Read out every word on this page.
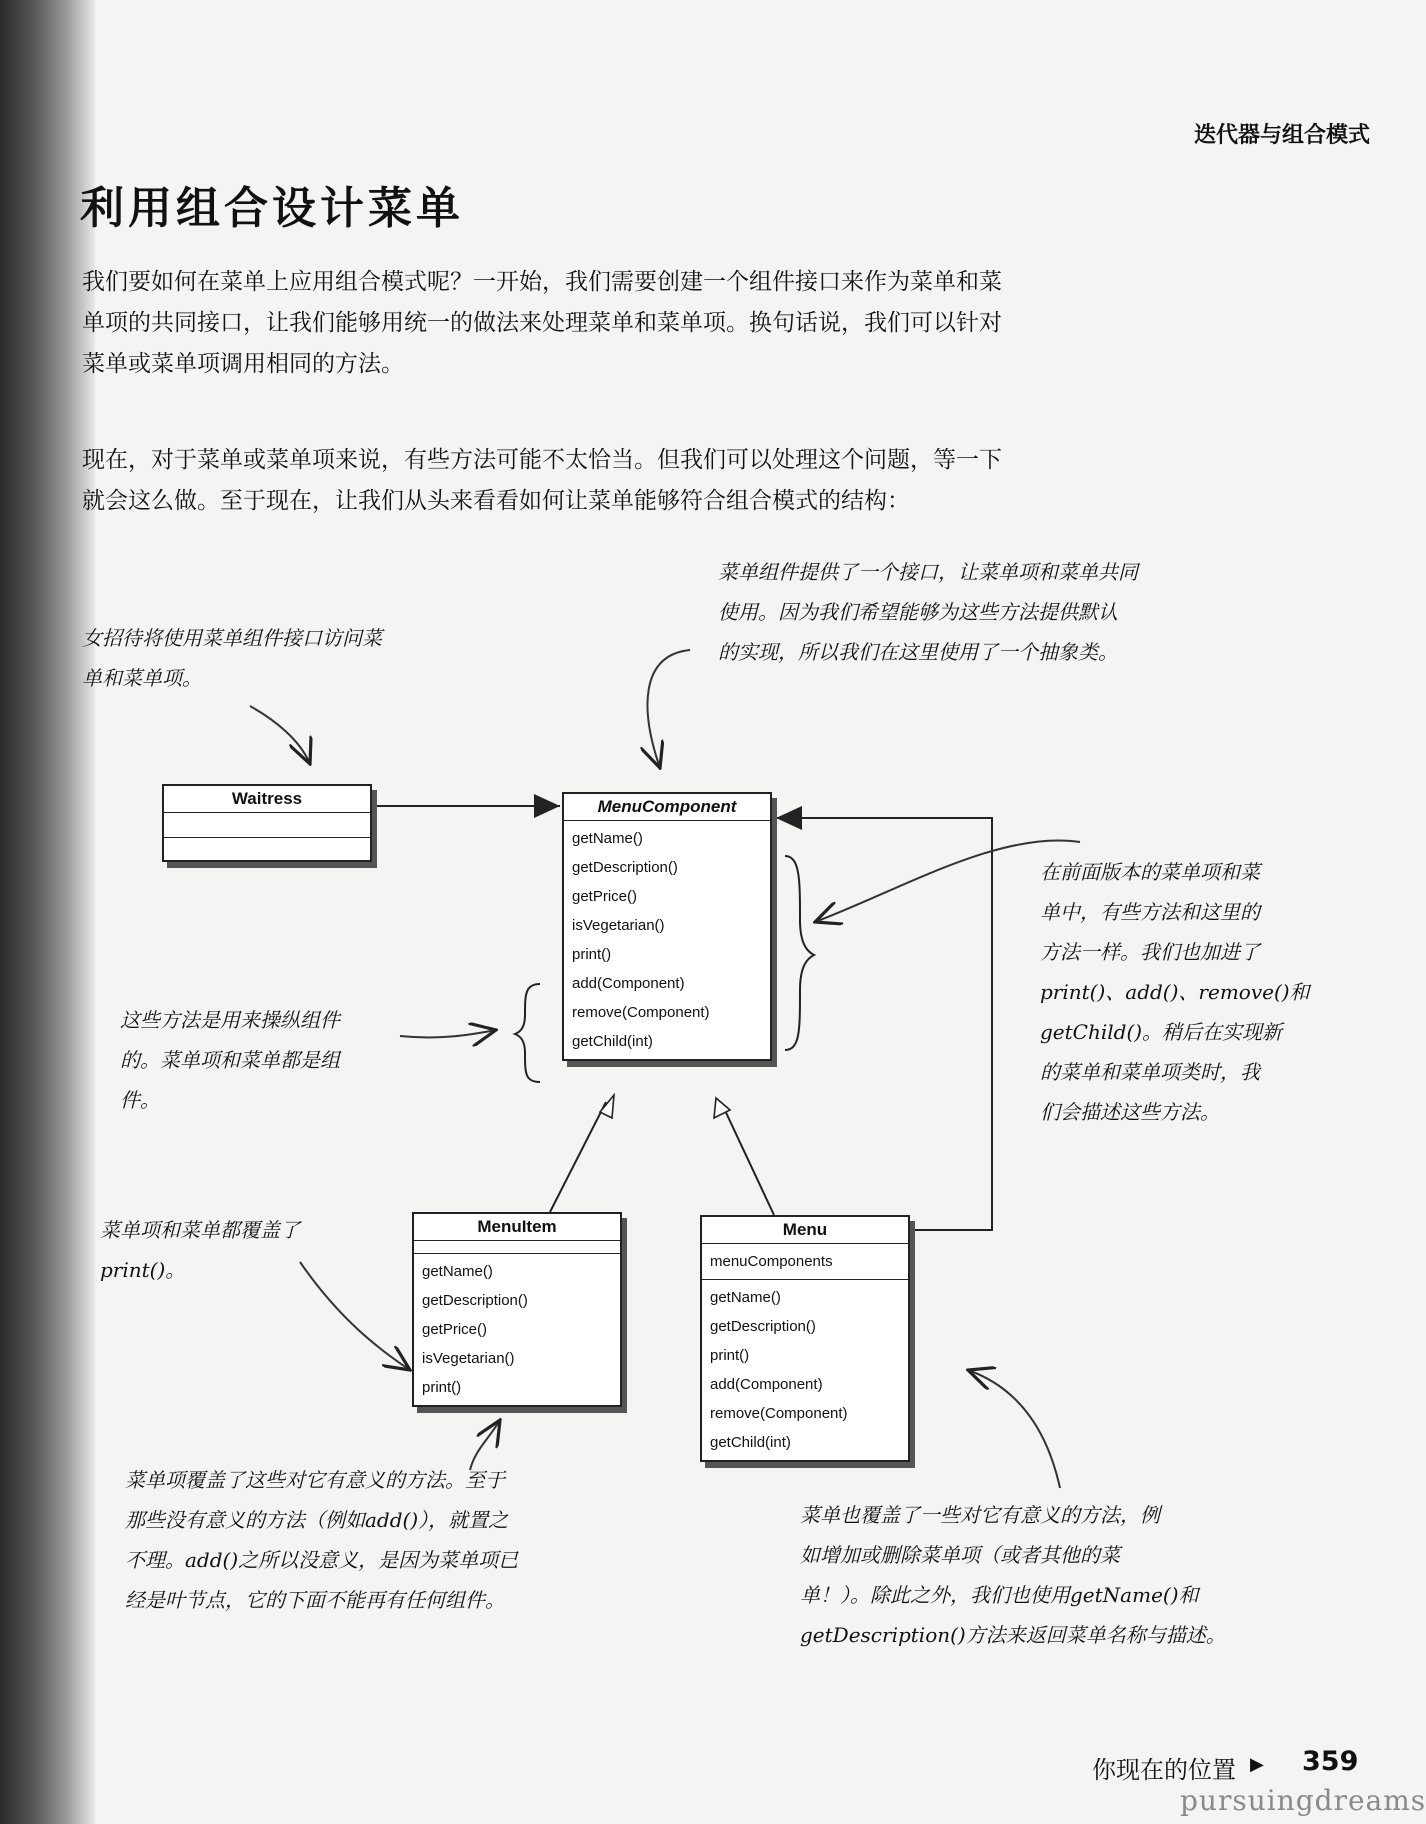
迭代器与组合模式
利用组合设计菜单
我们要如何在菜单上应用组合模式呢？一开始，我们需要创建一个组件接口来作为菜单和菜
单项的共同接口，让我们能够用统一的做法来处理菜单和菜单项。换句话说，我们可以针对
菜单或菜单项调用相同的方法。
现在，对于菜单或菜单项来说，有些方法可能不太恰当。但我们可以处理这个问题，等一下
就会这么做。至于现在，让我们从头来看看如何让菜单能够符合组合模式的结构：
菜单组件提供了一个接口，让菜单项和菜单共同
使用。因为我们希望能够为这些方法提供默认
的实现，所以我们在这里使用了一个抽象类。
女招待将使用菜单组件接口访问菜
单和菜单项。
在前面版本的菜单项和菜
单中，有些方法和这里的
方法一样。我们也加进了
print()、add()、remove()和
getChild()。稍后在实现新
的菜单和菜单项类时，我
们会描述这些方法。
这些方法是用来操纵组件
的。菜单项和菜单都是组
件。
菜单项和菜单都覆盖了
print()。
菜单项覆盖了这些对它有意义的方法。至于
那些没有意义的方法（例如add()），就置之
不理。add()之所以没意义，是因为菜单项已
经是叶节点，它的下面不能再有任何组件。
菜单也覆盖了一些对它有意义的方法，例
如增加或删除菜单项（或者其他的菜
单！）。除此之外，我们也使用getName()和
getDescription()方法来返回菜单名称与描述。
Waitress	MenuComponent
getName()
getDescription()
getPrice()
isVegetarian()
print()
add(Component)
remove(Component)
getChild(int)
MenuItem
getName()
getDescription()
getPrice()
isVegetarian()
print()
Menu
menuComponents
getName()
getDescription()
print()
add(Component)
remove(Component)
getChild(int)
你现在的位置 ▶ 359
pursuingdreams
